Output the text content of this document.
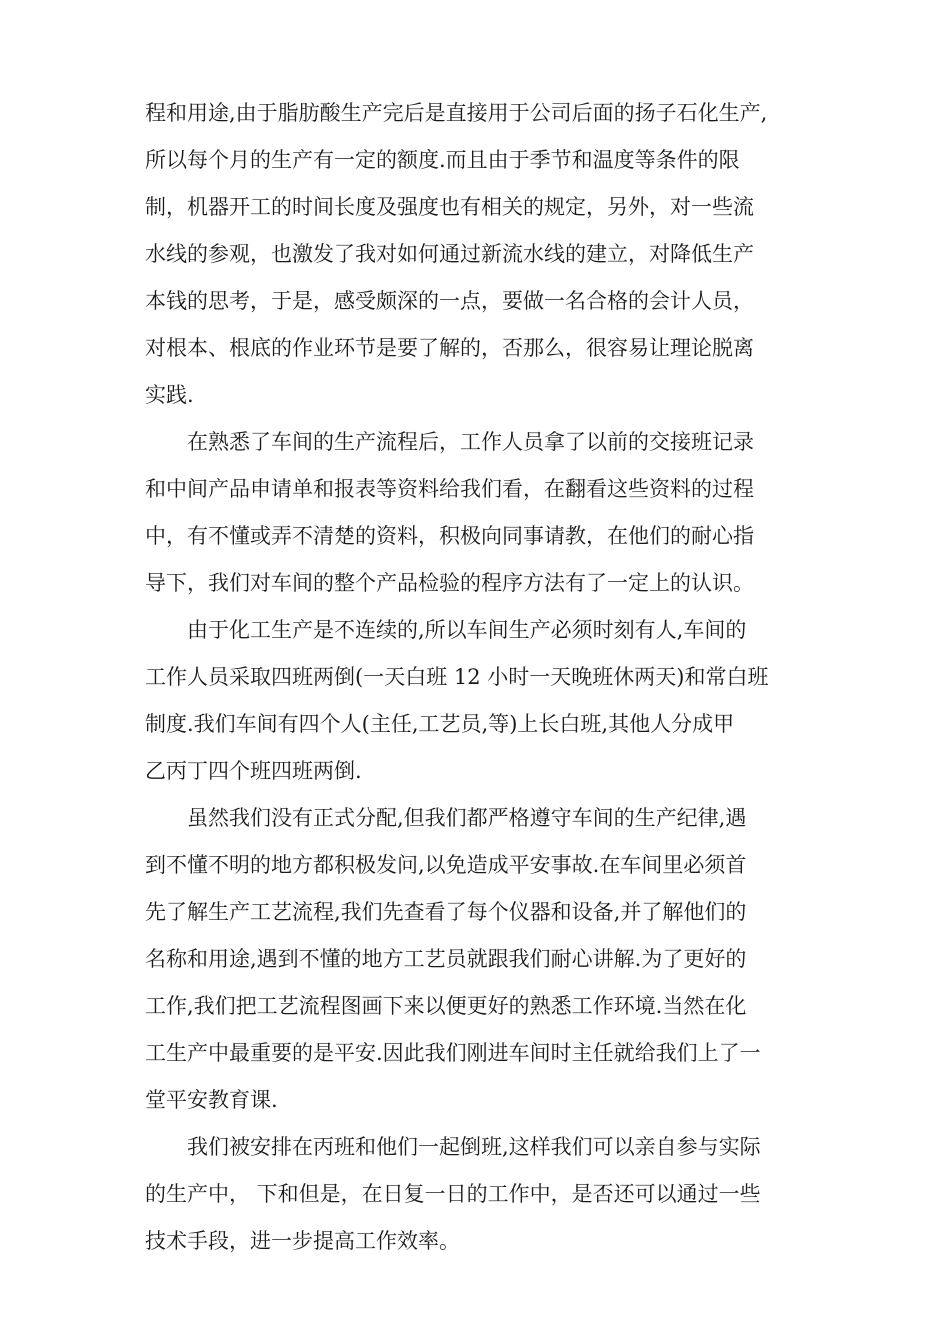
程和用途,由于脂肪酸生产完后是直接用于公司后面的扬子石化生产,
所以每个月的生产有一定的额度.而且由于季节和温度等条件的限
制，机器开工的时间长度及强度也有相关的规定，另外，对一些流
水线的参观，也激发了我对如何通过新流水线的建立，对降低生产
本钱的思考，于是，感受颇深的一点，要做一名合格的会计人员，
对根本、根底的作业环节是要了解的，否那么，很容易让理论脱离
实践.
在熟悉了车间的生产流程后，工作人员拿了以前的交接班记录
和中间产品申请单和报表等资料给我们看，在翻看这些资料的过程
中，有不懂或弄不清楚的资料，积极向同事请教，在他们的耐心指
导下，我们对车间的整个产品检验的程序方法有了一定上的认识。
由于化工生产是不连续的,所以车间生产必须时刻有人,车间的
工作人员采取四班两倒(一天白班 12 小时一天晚班休两天)和常白班
制度.我们车间有四个人(主任,工艺员,等)上长白班,其他人分成甲
乙丙丁四个班四班两倒.
虽然我们没有正式分配,但我们都严格遵守车间的生产纪律,遇
到不懂不明的地方都积极发问,以免造成平安事故.在车间里必须首
先了解生产工艺流程,我们先查看了每个仪器和设备,并了解他们的
名称和用途,遇到不懂的地方工艺员就跟我们耐心讲解.为了更好的
工作,我们把工艺流程图画下来以便更好的熟悉工作环境.当然在化
工生产中最重要的是平安.因此我们刚进车间时主任就给我们上了一
堂平安教育课.
我们被安排在丙班和他们一起倒班,这样我们可以亲自参与实际
的生产中， 下和但是，在日复一日的工作中，是否还可以通过一些
技术手段，进一步提高工作效率。
